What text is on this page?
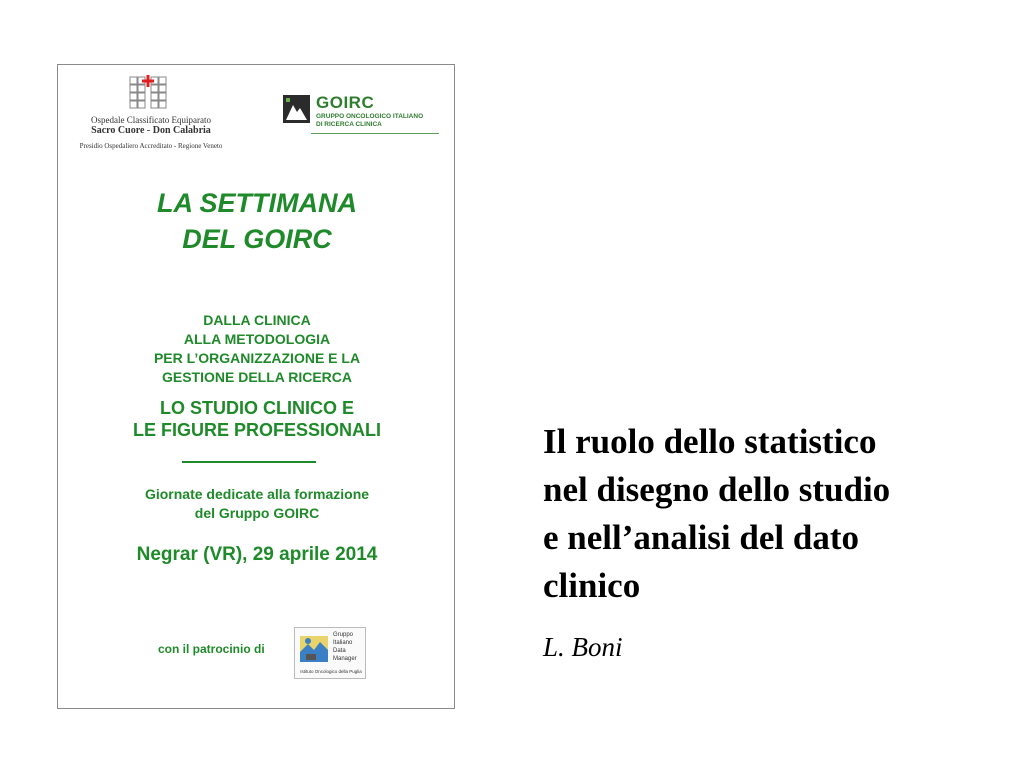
Ospedale Classificato Equiparato
Sacro Cuore - Don Calabria
Presidio Ospedaliero Accreditato - Regione Veneto
GOIRC
GRUPPO ONCOLOGICO ITALIANO
DI RICERCA CLINICA
LA SETTIMANA
DEL GOIRC
DALLA CLINICA
ALLA METODOLOGIA
PER L’ORGANIZZAZIONE E LA
GESTIONE DELLA RICERCA
LO STUDIO CLINICO E
LE FIGURE PROFESSIONALI
Giornate dedicate alla formazione
del Gruppo GOIRC
Negrar (VR), 29 aprile 2014
con il patrocinio di
Gruppo
Italiano
Data
Manager
Istituto Oncologico della Puglia
Il ruolo dello statistico
nel disegno dello studio
e nell’analisi del dato
clinico
L. Boni
